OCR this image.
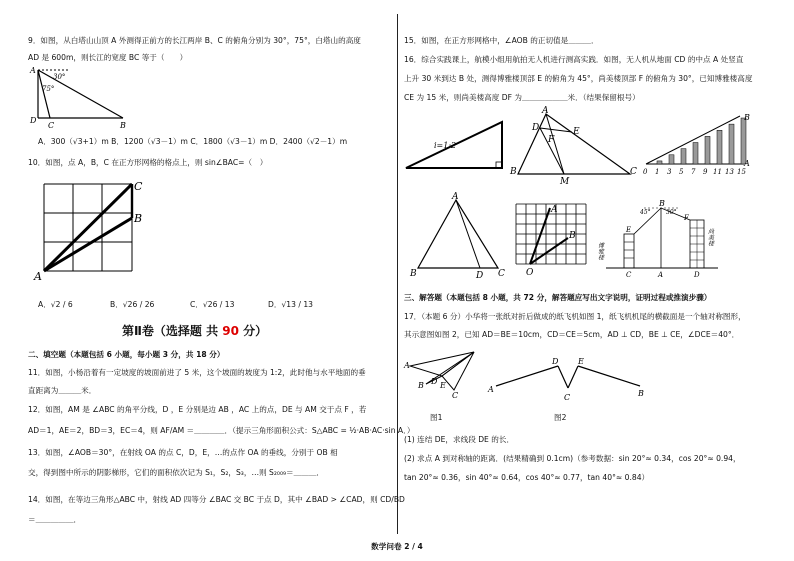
9．如图，从白塔山山顶 A 外测得正前方的长江两岸 B、C 的俯角分别为 30°，75°，白塔山的高度
AD 是 600m，则长江的宽度 BC 等于（　　）
A
D
C	B
30°
75°
A．300（√3+1）m B．1200（√3－1）m C．1800（√3－1）m D．2400（√2－1）m
10．如图，点 A，B，C 在正方形网格的格点上，则 sin∠BAC=（　）
A
B
C
A．√2 / 6	B．√26 / 26	C．√26 / 13	D．√13 / 13
第Ⅱ卷（选择题 共 90 分）
二、填空题（本题包括 6 小题，每小题 3 分，共 18 分）
11．如图，小杨沿着有一定坡度的坡面前进了 5 米，这个坡面的坡度为 1:2，此时他与水平地面的垂
直距离为＿＿＿米．
12．如图，AM 是 ∠ABC 的角平分线，D ，E 分别是边 AB ，AC 上的点，DE 与 AM 交于点 F ，若
AD＝1，AE＝2，BD＝3，EC＝4，则 AF/AM ＝＿＿＿＿．（提示三角形面积公式：S△ABC = ½·AB·AC·sin A．）
13．如图，∠AOB＝30°，在射线 OA 的点 C，D，E，…的点作 OA 的垂线，分别于 OB 相
交，得到图中所示的阴影梯形，它们的面积依次记为 S₁，S₂，S₃，…则 S₂₀₀₉＝＿＿＿．
14．如图，在等边三角形△ABC 中，射线 AD 四等分 ∠BAC 交 BC 于点 D，其中 ∠BAD > ∠CAD，则 CD/BD
＝＿＿＿＿＿．
15．如图，在正方形网格中，∠AOB 的正切值是＿＿＿．
16．综合实践课上，航模小组用航拍无人机进行测高实践．如图，无人机从地面 CD 的中点 A 处竖直
上升 30 米到达 B 处，测得博雅楼顶部 E 的俯角为 45°，尚美楼顶部 F 的俯角为 30°，已知博雅楼高度
CE 为 15 米，则尚美楼高度 DF 为＿＿＿＿＿＿米．（结果保留根号）
i=1:2
A
D	E
F
B	C
M
B
A
0 1 3 5 7 9 11 13 15
A
B	D C
A
B
O
B
45°	30°
E
F
C	A	D
博雅楼
尚美楼
三、解答题（本题包括 8 小题，共 72 分，解答题应写出文字说明，证明过程或推演步骤）
17．（本题 6 分）小华将一张纸对折后做成的纸飞机如图 1，纸飞机机尾的横截面是一个轴对称图形，
其示意图如图 2，已知 AD＝BE＝10cm，CD＝CE＝5cm，AD ⊥ CD，BE ⊥ CE，∠DCE＝40°．
A
B D E
C
图1
A
D E
C	B
图2
(1) 连结 DE，求线段 DE 的长．
(2) 求点 A 到对称轴的距离．(结果精确到 0.1cm)（参考数据：sin 20°≈ 0.34，cos 20°≈ 0.94，
tan 20°≈ 0.36，sin 40°≈ 0.64，cos 40°≈ 0.77，tan 40°≈ 0.84）
数学问卷 2 / 4
